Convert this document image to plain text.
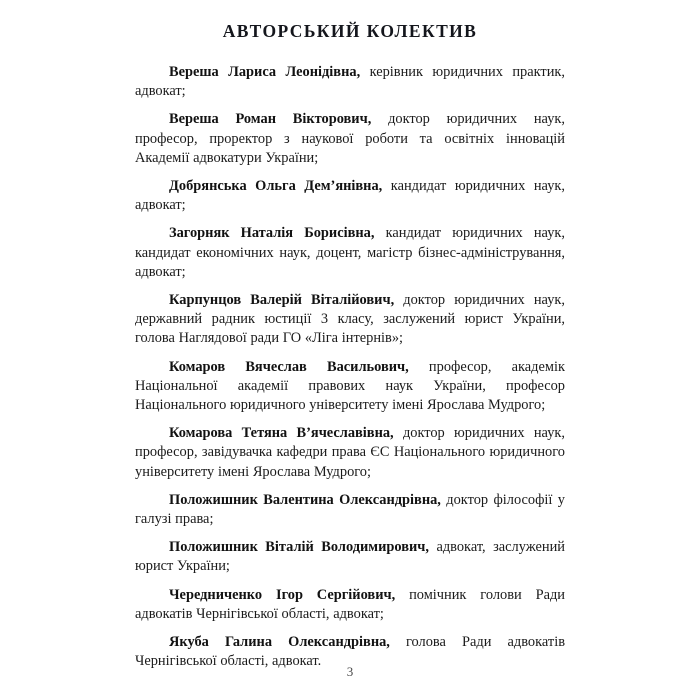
АВТОРСЬКИЙ КОЛЕКТИВ

Вереша Лариса Леонідівна, керівник юридичних практик, адвокат;

Вереша Роман Вікторович, доктор юридичних наук, професор, проректор з наукової роботи та освітніх інновацій Академії адвокатури України;

Добрянська Ольга Дем’янівна, кандидат юридичних наук, адвокат;

Загорняк Наталія Борисівна, кандидат юридичних наук, кандидат економічних наук, доцент, магістр бізнес-адміністрування, адвокат;

Карпунцов Валерій Віталійович, доктор юридичних наук, державний радник юстиції 3 класу, заслужений юрист України, голова Наглядової ради ГО «Ліга інтернів»;

Комаров Вячеслав Васильович, професор, академік Національної академії правових наук України, професор Національного юридичного університету імені Ярослава Мудрого;

Комарова Тетяна В’ячеславівна, доктор юридичних наук, професор, завідувачка кафедри права ЄС Національного юридичного університету імені Ярослава Мудрого;

Положишник Валентина Олександрівна, доктор філософії у галузі права;

Положишник Віталій Володимирович, адвокат, заслужений юрист України;

Чередниченко Ігор Сергійович, помічник голови Ради адвокатів Чернігівської області, адвокат;

Якуба Галина Олександрівна, голова Ради адвокатів Чернігівської області, адвокат.

3
